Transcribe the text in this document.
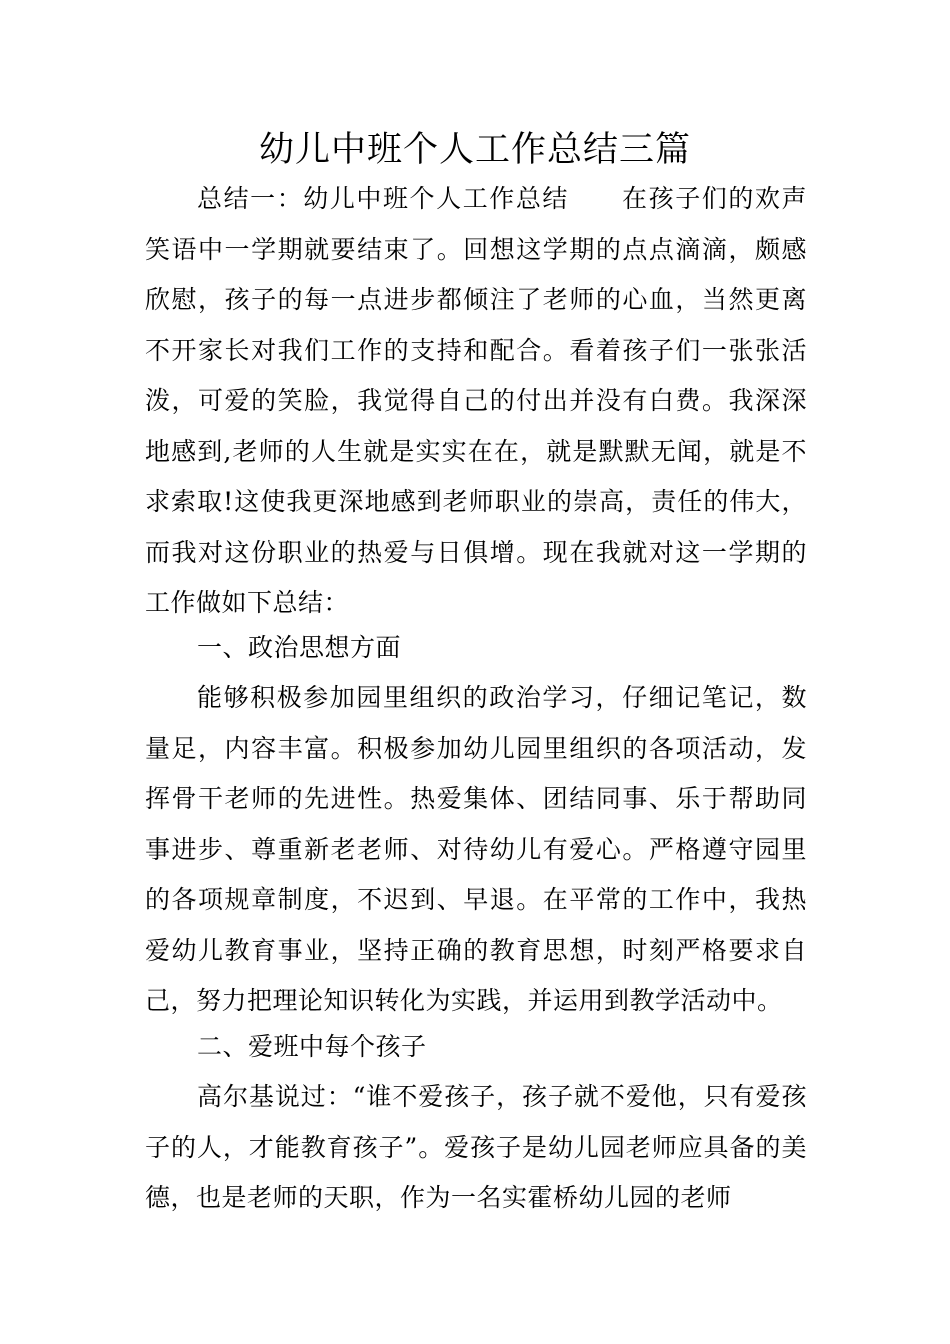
幼儿中班个人工作总结三篇

总结一：幼儿中班个人工作总结 在孩子们的欢声笑语中一学期就要结束了。回想这学期的点点滴滴，颇感欣慰，孩子的每一点进步都倾注了老师的心血，当然更离不开家长对我们工作的支持和配合。看着孩子们一张张活泼，可爱的笑脸，我觉得自己的付出并没有白费。我深深地感到,老师的人生就是实实在在，就是默默无闻，就是不求索取!这使我更深地感到老师职业的崇高，责任的伟大，而我对这份职业的热爱与日俱增。现在我就对这一学期的工作做如下总结：

一、政治思想方面

能够积极参加园里组织的政治学习，仔细记笔记，数量足，内容丰富。积极参加幼儿园里组织的各项活动，发挥骨干老师的先进性。热爱集体、团结同事、乐于帮助同事进步、尊重新老老师、对待幼儿有爱心。严格遵守园里的各项规章制度，不迟到、早退。在平常的工作中，我热爱幼儿教育事业，坚持正确的教育思想，时刻严格要求自己，努力把理论知识转化为实践，并运用到教学活动中。

二、爱班中每个孩子

高尔基说过：“谁不爱孩子，孩子就不爱他，只有爱孩子的人，才能教育孩子”。爱孩子是幼儿园老师应具备的美德，也是老师的天职，作为一名实霍桥幼儿园的老师
